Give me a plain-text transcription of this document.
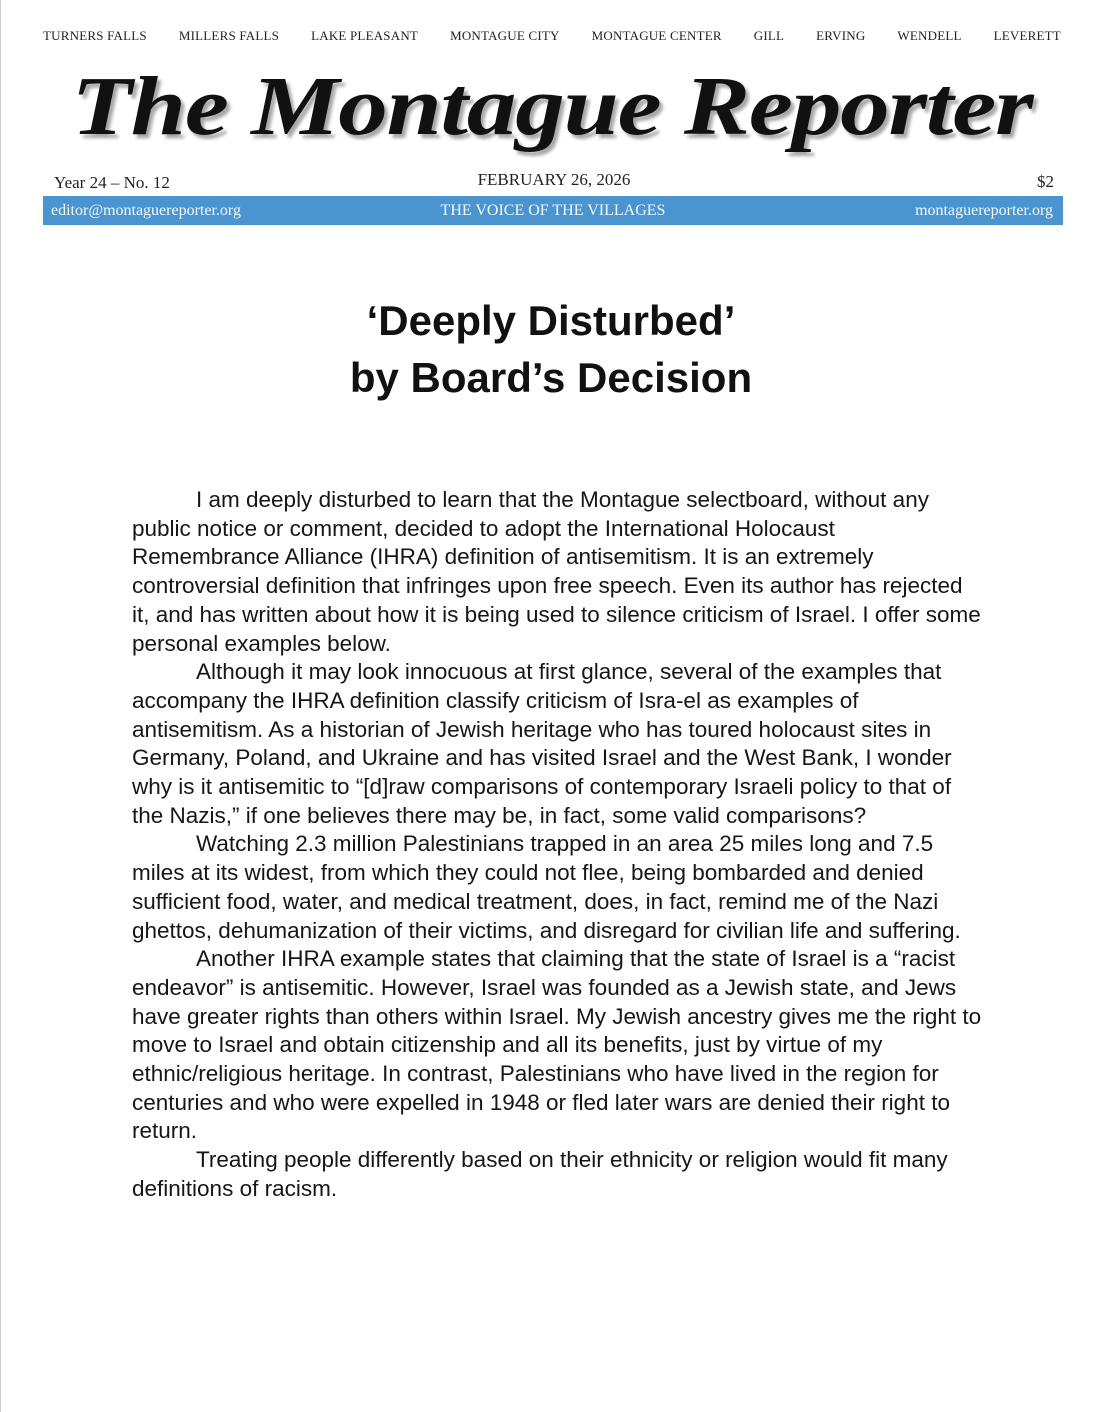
TURNERS FALLS MILLERS FALLS LAKE PLEASANT MONTAGUE CITY MONTAGUE CENTER GILL ERVING WENDELL LEVERETT
The Montague Reporter
Year 24 – No. 12	FEBRUARY 26, 2026	$2
editor@montaguereporter.org	THE VOICE OF THE VILLAGES	montaguereporter.org
‘Deeply Disturbed’
by Board’s Decision

I am deeply disturbed to learn that the Montague selectboard, without any public notice or comment, decided to adopt the International Holocaust Remembrance Alliance (IHRA) definition of antisemitism. It is an extremely controversial definition that infringes upon free speech. Even its author has rejected it, and has written about how it is being used to silence criticism of Israel. I offer some personal examples below.

Although it may look innocuous at first glance, several of the examples that accompany the IHRA definition classify criticism of Isra-el as examples of antisemitism. As a historian of Jewish heritage who has toured holocaust sites in Germany, Poland, and Ukraine and has visited Israel and the West Bank, I wonder why is it antisemitic to “[d]raw comparisons of contemporary Israeli policy to that of the Nazis,” if one believes there may be, in fact, some valid comparisons?

Watching 2.3 million Palestinians trapped in an area 25 miles long and 7.5 miles at its widest, from which they could not flee, being bombarded and denied sufficient food, water, and medical treatment, does, in fact, remind me of the Nazi ghettos, dehumanization of their victims, and disregard for civilian life and suffering.

Another IHRA example states that claiming that the state of Israel is a “racist endeavor” is antisemitic. However, Israel was founded as a Jewish state, and Jews have greater rights than others within Israel. My Jewish ancestry gives me the right to move to Israel and obtain citizenship and all its benefits, just by virtue of my ethnic/religious heritage. In contrast, Palestinians who have lived in the region for centuries and who were expelled in 1948 or fled later wars are denied their right to return.

Treating people differently based on their ethnicity or religion would fit many definitions of racism.
